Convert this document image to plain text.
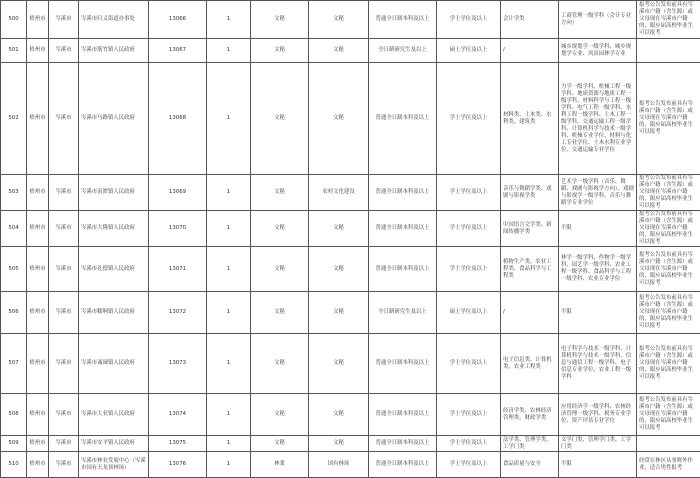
500	梧州市	岑溪市	岑溪市归义街道办事处	13066	1	文秘	文秘	普通全日制本科及以上	学士学位及以上	会计学类	工商管理一级学科（会计专业方向）	报考公告发布前具有岑溪市户籍（含生源）或父母现在岑溪市户籍的，限应届高校毕业生可以报考
501	梧州市	岑溪市	岑溪市筋竹镇人民政府	13067	1	文秘	文秘	全日制研究生及以上	硕士学位及以上	/	城乡规划学一级学科、城乡规划学专业、风景园林学专业	
502	梧州市	岑溪市	岑溪市马路镇人民政府	13068	1	文秘	文秘	普通全日制本科及以上	学士学位及以上	材料类、土木类、水利类、建筑类	力学一级学科、机械工程一级学科、地质资源与地质工程一级学科、材料科学与工程一级学科、电气工程一级学科、水利工程一级学科、土木工程一级学科、交通运输工程一级学科、计算机科学与技术一级学科、机械专业学位、材料与化工专业学位、土木水利专业学位、交通运输专业学位	报考公告发布前具有岑溪市户籍（含生源）或父母现在岑溪市户籍的，限应届高校毕业生可以报考
503	梧州市	岑溪市	岑溪市南渡镇人民政府	13069	1	文秘	农村文化建设	普通全日制本科及以上	学士学位及以上	音乐与舞蹈学类、戏剧与影视学类	艺术学一级学科（音乐、舞蹈、戏剧与影视学方向）、戏剧与影视学一级学科、音乐与舞蹈学专业学位	报考公告发布前具有岑溪市户籍（含生源）或父母现在岑溪市户籍的，限应届高校毕业生可以报考
504	梧州市	岑溪市	岑溪市大隆镇人民政府	13070	1	文秘	文秘	普通全日制本科及以上	学士学位及以上	中国语言文学类、新闻传播学类	不限	报考公告发布前具有岑溪市户籍（含生源）或父母现在岑溪市户籍的，限应届高校毕业生可以报考
505	梧州市	岑溪市	岑溪市礼德镇人民政府	13071	1	文秘	文秘	普通全日制本科及以上	学士学位及以上	植物生产类、农业工程类、食品科学与工程类	林学一级学科、作物学一级学科、园艺学一级学科、农业工程一级学科、食品科学与工程一级学科、农业专业学位	报考公告发布前具有岑溪市户籍（含生源）或父母现在岑溪市户籍的，限应届高校毕业生可以报考
506	梧州市	岑溪市	岑溪市糯垌镇人民政府	13072	1	文秘	文秘	全日制研究生及以上	硕士学位及以上	/	不限	报考公告发布前具有岑溪市户籍（含生源）或父母现在岑溪市户籍的，限应届高校毕业生可以报考
507	梧州市	岑溪市	岑溪市诚谏镇人民政府	13073	1	文秘	文秘	普通全日制本科及以上	学士学位及以上	电子信息类、计算机类、农业工程类	电子科学与技术一级学科、计算机科学与技术一级学科、信息与通信工程一级学科、电子信息专业学位、农业工程一级学科	报考公告发布前具有岑溪市户籍（含生源）或父母现在岑溪市户籍的，限应届高校毕业生可以报考
508	梧州市	岑溪市	岑溪市大业镇人民政府	13074	1	文秘	文秘	普通全日制本科及以上	学士学位及以上	经济学类、农林经济管理类、财政学类	应用经济学一级学科、农林经济管理一级学科、税务专业学位、资产评估专业学位	报考公告发布前具有岑溪市户籍（含生源）或父母现在岑溪市户籍的，限应届高校毕业生可以报考
509	梧州市	岑溪市	岑溪市安平镇人民政府	13075	1	文秘	文秘	普通全日制本科及以上	学士学位及以上	法学类、管理学类、工学门类	文学门类、管理学门类、工学门类	
510	梧州市	岑溪市	岑溪市林业发展中心（岑溪市国有天龙顶林场）	13076	1	林業	国有林场	普通全日制本科及以上	学士学位及以上	食品质量与安全	不限	经常在林区从事野外作业，适合男性报考
